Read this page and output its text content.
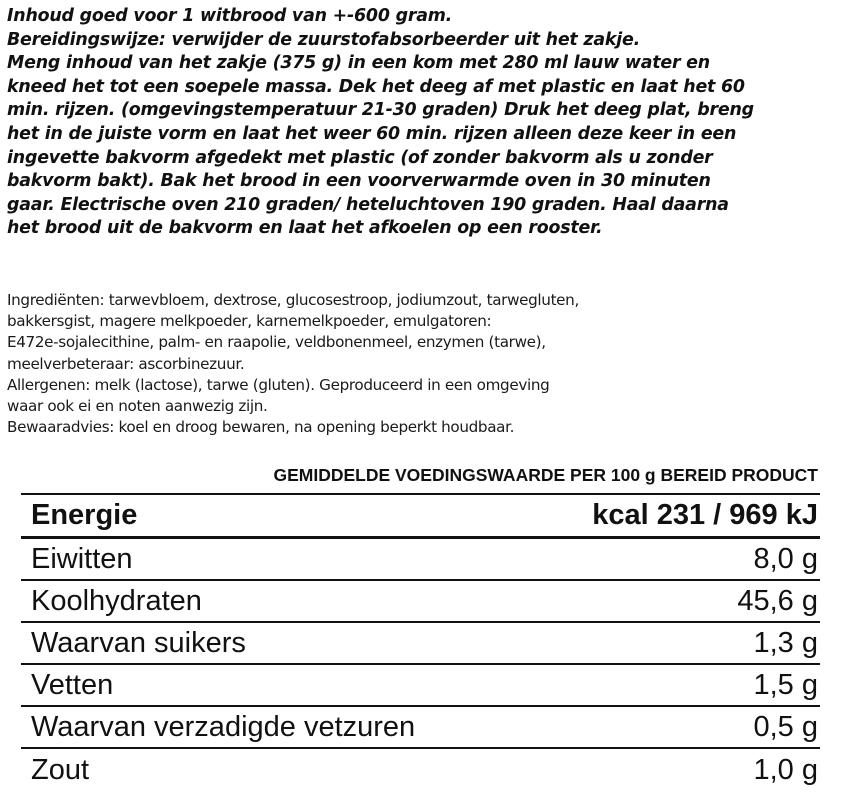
Inhoud goed voor 1 witbrood van +-600 gram.
Bereidingswijze: verwijder de zuurstofabsorbeerder uit het zakje.
Meng inhoud van het zakje (375 g) in een kom met 280 ml lauw water en
kneed het tot een soepele massa. Dek het deeg af met plastic en laat het 60
min. rijzen. (omgevingstemperatuur 21-30 graden) Druk het deeg plat, breng
het in de juiste vorm en laat het weer 60 min. rijzen alleen deze keer in een
ingevette bakvorm afgedekt met plastic (of zonder bakvorm als u zonder
bakvorm bakt). Bak het brood in een voorverwarmde oven in 30 minuten
gaar. Electrische oven 210 graden/ heteluchtoven 190 graden. Haal daarna
het brood uit de bakvorm en laat het afkoelen op een rooster.
Ingrediënten: tarwevbloem, dextrose, glucosestroop, jodiumzout, tarwegluten,
bakkersgist, magere melkpoeder, karnemelkpoeder, emulgatoren:
E472e-sojalecithine, palm- en raapolie, veldbonenmeel, enzymen (tarwe),
meelverbeteraar: ascorbinezuur.
Allergenen: melk (lactose), tarwe (gluten). Geproduceerd in een omgeving
waar ook ei en noten aanwezig zijn.
Bewaaradvies: koel en droog bewaren, na opening beperkt houdbaar.
GEMIDDELDE VOEDINGSWAARDE PER 100 g BEREID PRODUCT
Energie	kcal 231 / 969 kJ
Eiwitten	8,0 g
Koolhydraten	45,6 g
Waarvan suikers	1,3 g
Vetten	1,5 g
Waarvan verzadigde vetzuren	0,5 g
Zout	1,0 g
